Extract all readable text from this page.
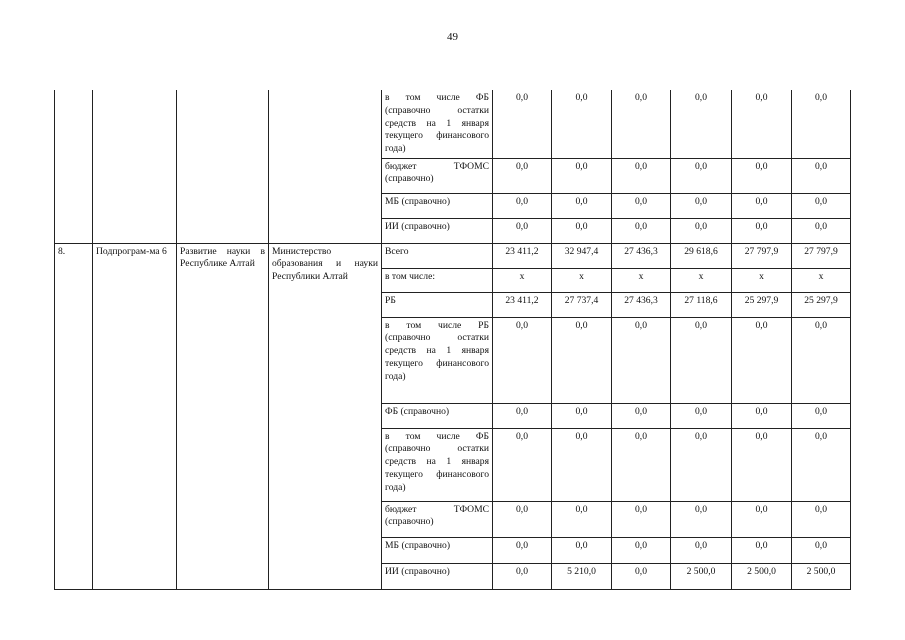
49
				в том числе ФБ (справочно остатки средств на 1 января текущего финансового года)	0,0	0,0	0,0	0,0	0,0	0,0
				бюджет ТФОМС (справочно)	0,0	0,0	0,0	0,0	0,0	0,0
				МБ (справочно)	0,0	0,0	0,0	0,0	0,0	0,0
				ИИ (справочно)	0,0	0,0	0,0	0,0	0,0	0,0
8.	Подпрограм-ма 6	Развитие науки в Республике Алтай	Министерство образования и науки Республики Алтай	Всего	23 411,2	32 947,4	27 436,3	29 618,6	27 797,9	27 797,9
				в том числе:	х	х	х	х	х	х
				РБ	23 411,2	27 737,4	27 436,3	27 118,6	25 297,9	25 297,9
				в том числе РБ (справочно остатки средств на 1 января текущего финансового года)	0,0	0,0	0,0	0,0	0,0	0,0
				ФБ (справочно)	0,0	0,0	0,0	0,0	0,0	0,0
				в том числе ФБ (справочно остатки средств на 1 января текущего финансового года)	0,0	0,0	0,0	0,0	0,0	0,0
				бюджет ТФОМС (справочно)	0,0	0,0	0,0	0,0	0,0	0,0
				МБ (справочно)	0,0	0,0	0,0	0,0	0,0	0,0
				ИИ (справочно)	0,0	5 210,0	0,0	2 500,0	2 500,0	2 500,0
